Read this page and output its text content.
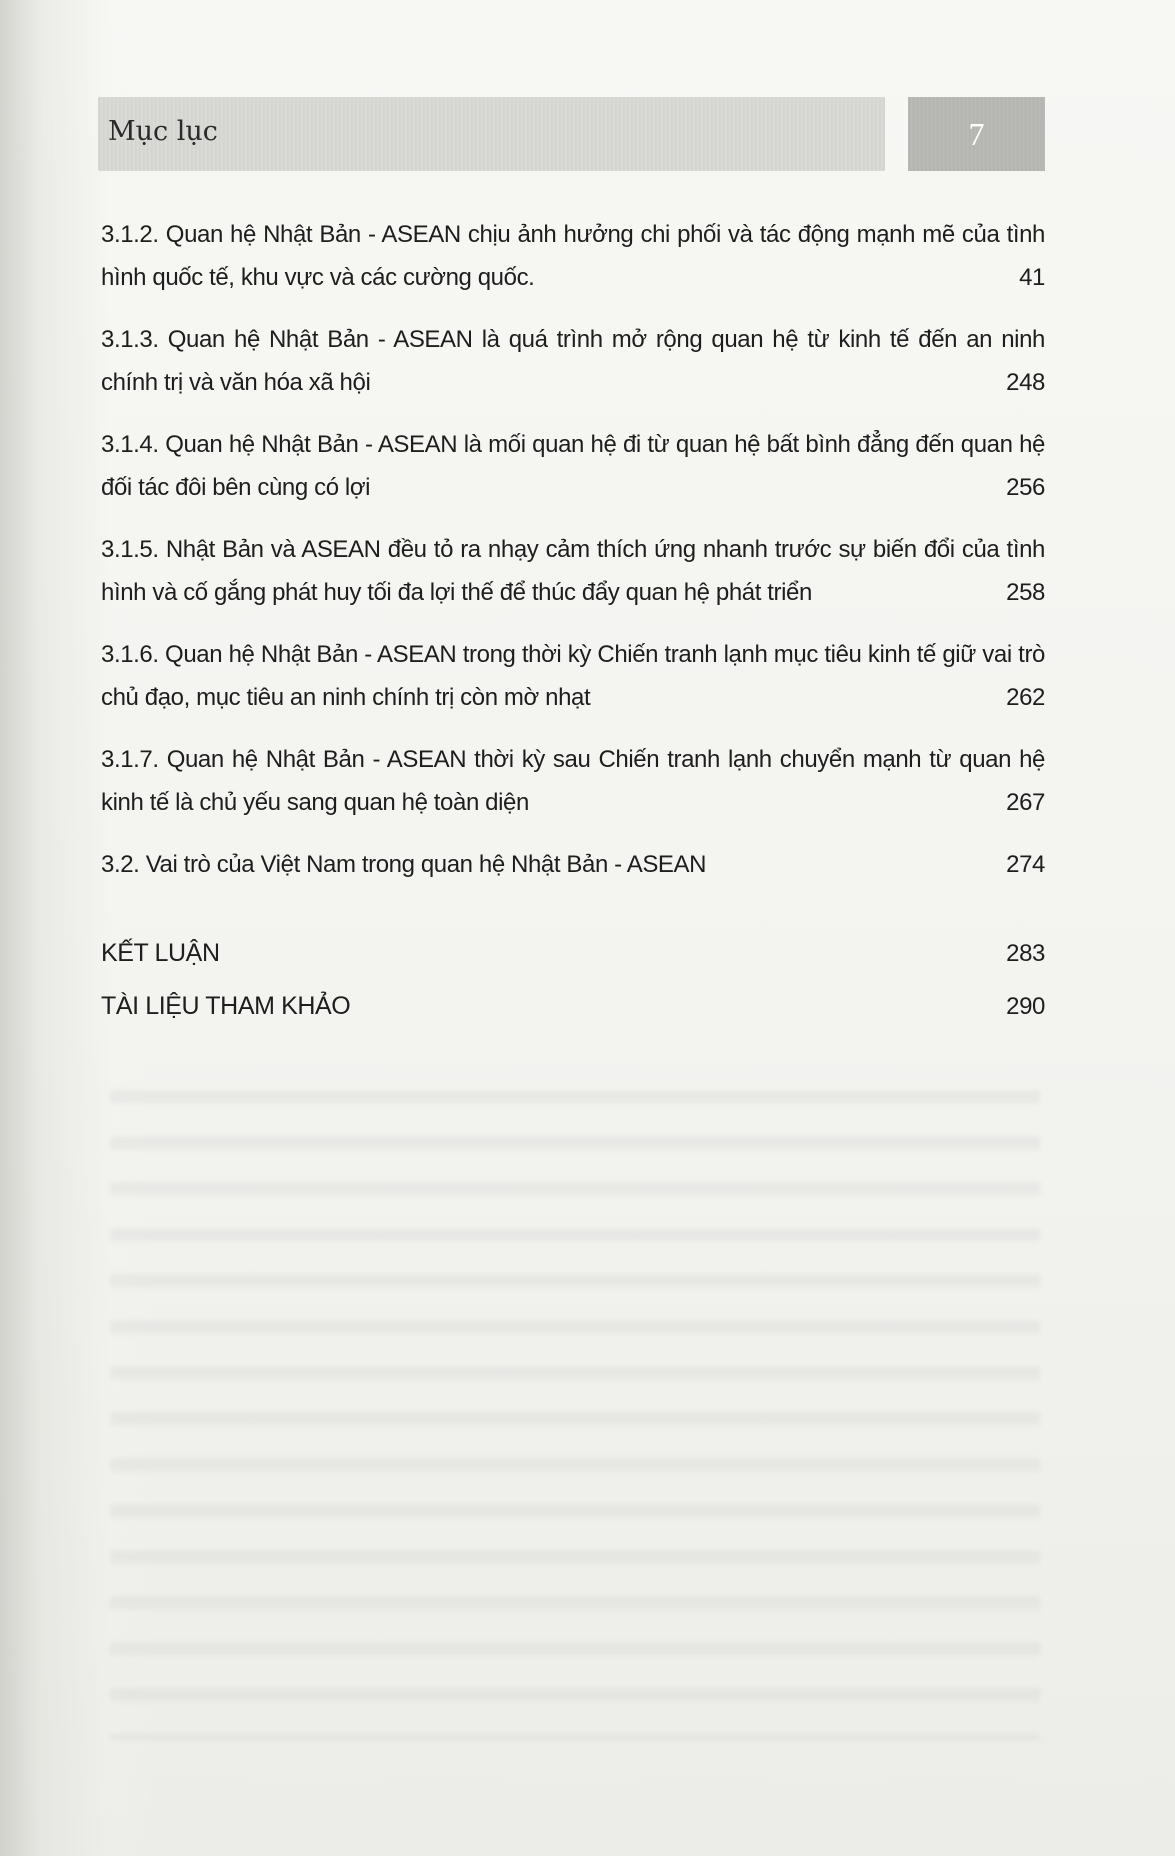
Mục lục	7
3.1.2. Quan hệ Nhật Bản - ASEAN chịu ảnh hưởng chi phối và tác động mạnh mẽ của tình hình quốc tế, khu vực và các cường quốc.	41
3.1.3. Quan hệ Nhật Bản - ASEAN là quá trình mở rộng quan hệ từ kinh tế đến an ninh chính trị và văn hóa xã hội	248
3.1.4. Quan hệ Nhật Bản - ASEAN là mối quan hệ đi từ quan hệ bất bình đẳng đến quan hệ đối tác đôi bên cùng có lợi	256
3.1.5. Nhật Bản và ASEAN đều tỏ ra nhạy cảm thích ứng nhanh trước sự biến đổi của tình hình và cố gắng phát huy tối đa lợi thế để thúc đẩy quan hệ phát triển	258
3.1.6. Quan hệ Nhật Bản - ASEAN trong thời kỳ Chiến tranh lạnh mục tiêu kinh tế giữ vai trò chủ đạo, mục tiêu an ninh chính trị còn mờ nhạt	262
3.1.7. Quan hệ Nhật Bản - ASEAN thời kỳ sau Chiến tranh lạnh chuyển mạnh từ quan hệ kinh tế là chủ yếu sang quan hệ toàn diện	267
3.2. Vai trò của Việt Nam trong quan hệ Nhật Bản - ASEAN	274
KẾT LUẬN	283
TÀI LIỆU THAM KHẢO	290
